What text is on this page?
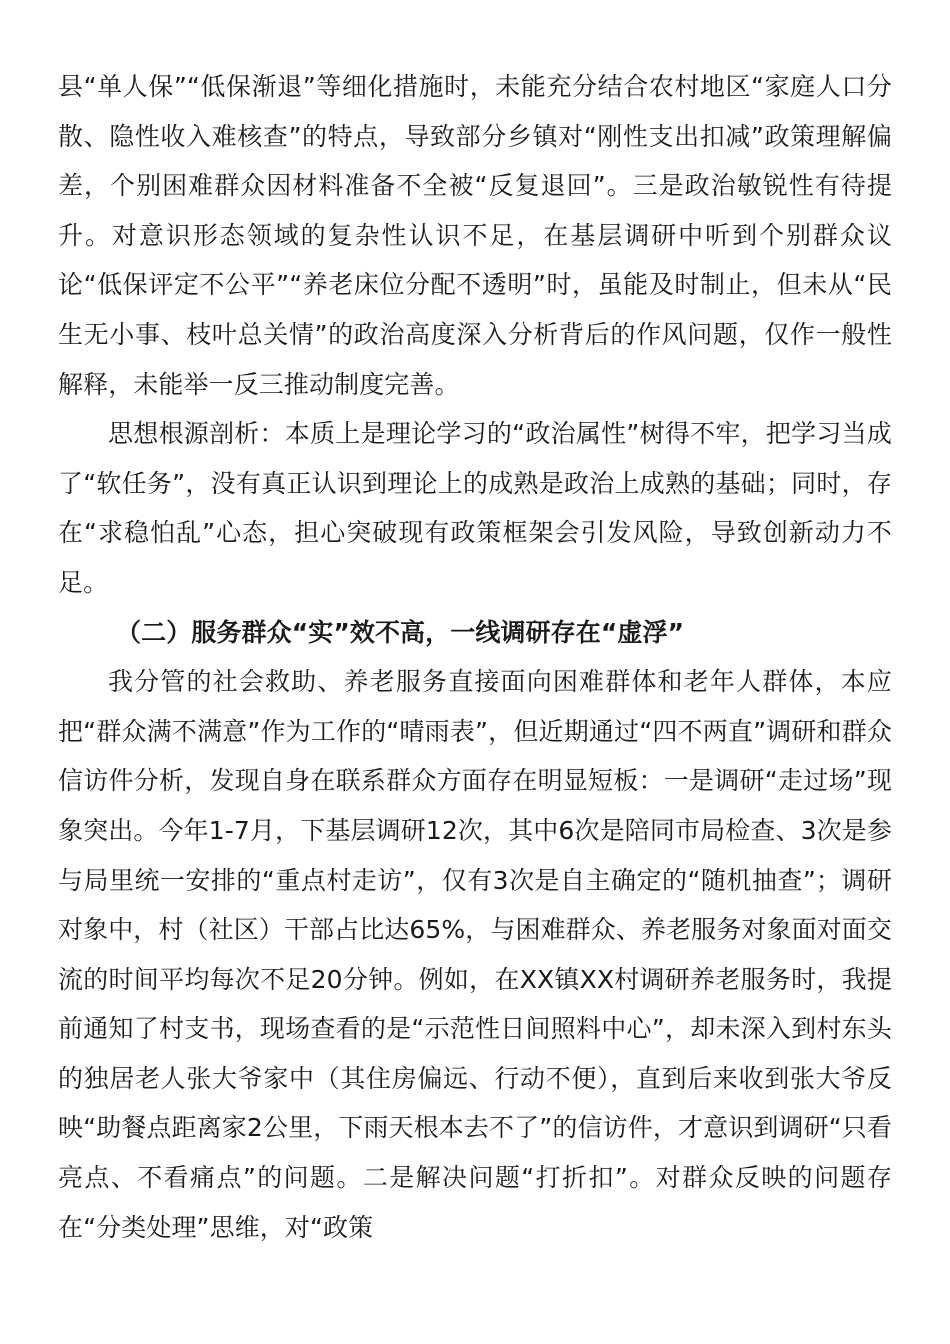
县“单人保”“低保渐退”等细化措施时，未能充分结合农村地区“家庭人口分散、隐性收入难核查”的特点，导致部分乡镇对“刚性支出扣减”政策理解偏差，个别困难群众因材料准备不全被“反复退回”。三是政治敏锐性有待提升。对意识形态领域的复杂性认识不足，在基层调研中听到个别群众议论“低保评定不公平”“养老床位分配不透明”时，虽能及时制止，但未从“民生无小事、枝叶总关情”的政治高度深入分析背后的作风问题，仅作一般性解释，未能举一反三推动制度完善。

思想根源剖析：本质上是理论学习的“政治属性”树得不牢，把学习当成了“软任务”，没有真正认识到理论上的成熟是政治上成熟的基础；同时，存在“求稳怕乱”心态，担心突破现有政策框架会引发风险，导致创新动力不足。

（二）服务群众“实”效不高，一线调研存在“虚浮”

我分管的社会救助、养老服务直接面向困难群体和老年人群体，本应把“群众满不满意”作为工作的“晴雨表”，但近期通过“四不两直”调研和群众信访件分析，发现自身在联系群众方面存在明显短板：一是调研“走过场”现象突出。今年1-7月，下基层调研12次，其中6次是陪同市局检查、3次是参与局里统一安排的“重点村走访”，仅有3次是自主确定的“随机抽查”；调研对象中，村（社区）干部占比达65%，与困难群众、养老服务对象面对面交流的时间平均每次不足20分钟。例如，在XX镇XX村调研养老服务时，我提前通知了村支书，现场查看的是“示范性日间照料中心”，却未深入到村东头的独居老人张大爷家中（其住房偏远、行动不便），直到后来收到张大爷反映“助餐点距离家2公里，下雨天根本去不了”的信访件，才意识到调研“只看亮点、不看痛点”的问题。二是解决问题“打折扣”。对群众反映的问题存在“分类处理”思维，对“政策
